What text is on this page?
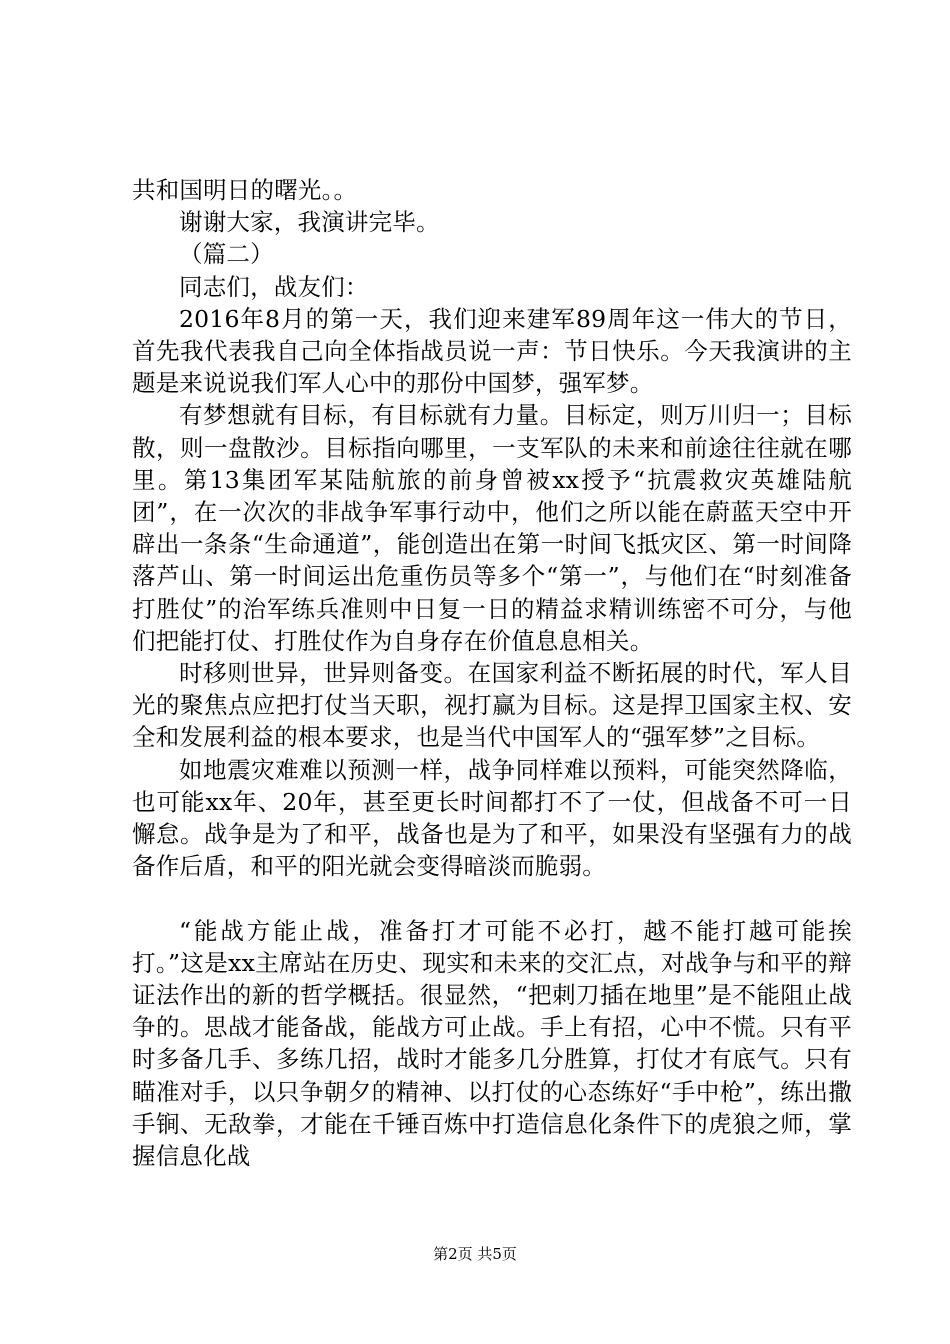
共和国明日的曙光。。

谢谢大家，我演讲完毕。

（篇二）

同志们，战友们：

2016年8月的第一天，我们迎来建军89周年这一伟大的节日，首先我代表我自己向全体指战员说一声：节日快乐。今天我演讲的主题是来说说我们军人心中的那份中国梦，强军梦。

有梦想就有目标，有目标就有力量。目标定，则万川归一；目标散，则一盘散沙。目标指向哪里，一支军队的未来和前途往往就在哪里。第13集团军某陆航旅的前身曾被xx授予“抗震救灾英雄陆航团”，在一次次的非战争军事行动中，他们之所以能在蔚蓝天空中开辟出一条条“生命通道”，能创造出在第一时间飞抵灾区、第一时间降落芦山、第一时间运出危重伤员等多个“第一”，与他们在“时刻准备打胜仗”的治军练兵准则中日复一日的精益求精训练密不可分，与他们把能打仗、打胜仗作为自身存在价值息息相关。

时移则世异，世异则备变。在国家利益不断拓展的时代，军人目光的聚焦点应把打仗当天职，视打赢为目标。这是捍卫国家主权、安全和发展利益的根本要求，也是当代中国军人的“强军梦”之目标。

如地震灾难难以预测一样，战争同样难以预料，可能突然降临，也可能xx年、20年，甚至更长时间都打不了一仗，但战备不可一日懈怠。战争是为了和平，战备也是为了和平，如果没有坚强有力的战备作后盾，和平的阳光就会变得暗淡而脆弱。

“能战方能止战，准备打才可能不必打，越不能打越可能挨打。”这是xx主席站在历史、现实和未来的交汇点，对战争与和平的辩证法作出的新的哲学概括。很显然，“把刺刀插在地里”是不能阻止战争的。思战才能备战，能战方可止战。手上有招，心中不慌。只有平时多备几手、多练几招，战时才能多几分胜算，打仗才有底气。只有瞄准对手，以只争朝夕的精神、以打仗的心态练好“手中枪”，练出撒手锏、无敌拳，才能在千锤百炼中打造信息化条件下的虎狼之师，掌握信息化战

第2页 共5页
